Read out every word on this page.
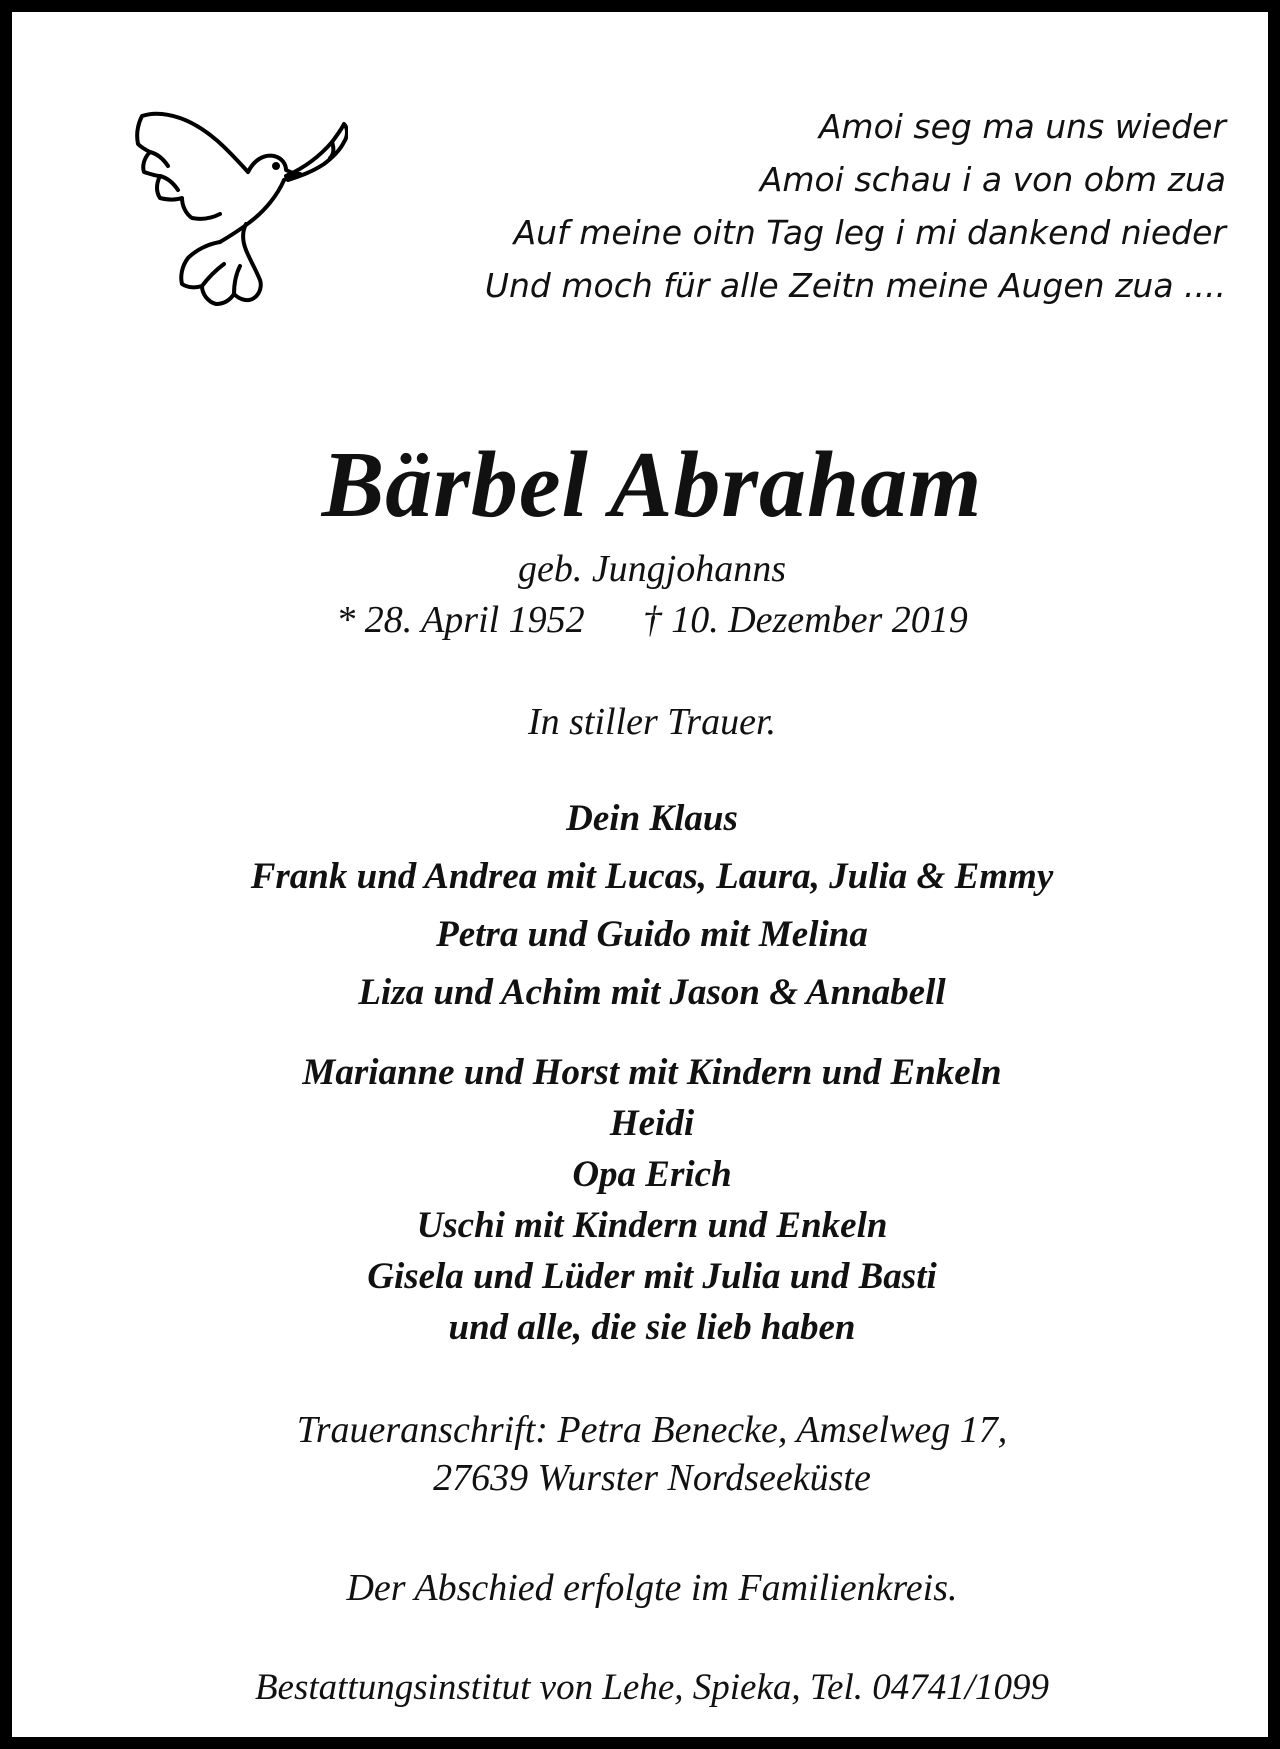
Amoi seg ma uns wieder
Amoi schau i a von obm zua
Auf meine oitn Tag leg i mi dankend nieder
Und moch für alle Zeitn meine Augen zua ....
Bärbel Abraham
geb. Jungjohanns
* 28. April 1952 † 10. Dezember 2019
In stiller Trauer.
Dein Klaus
Frank und Andrea mit Lucas, Laura, Julia & Emmy
Petra und Guido mit Melina
Liza und Achim mit Jason & Annabell
Marianne und Horst mit Kindern und Enkeln
Heidi
Opa Erich
Uschi mit Kindern und Enkeln
Gisela und Lüder mit Julia und Basti
und alle, die sie lieb haben
Traueranschrift: Petra Benecke, Amselweg 17,
27639 Wurster Nordseeküste
Der Abschied erfolgte im Familienkreis.
Bestattungsinstitut von Lehe, Spieka, Tel. 04741/1099
